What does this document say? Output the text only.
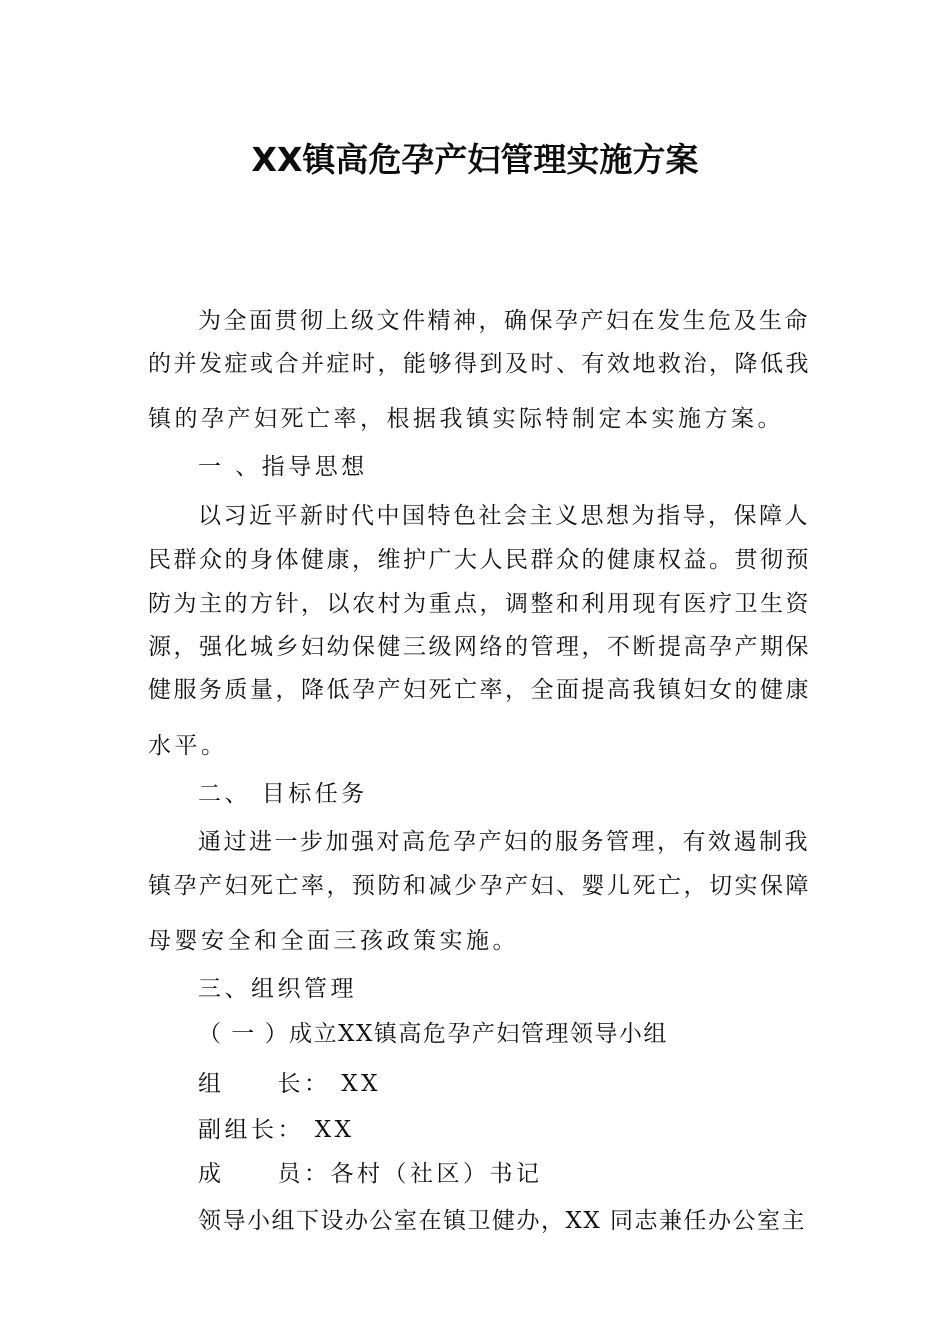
XX镇高危孕产妇管理实施方案
为全面贯彻上级文件精神，确保孕产妇在发生危及生命
的并发症或合并症时，能够得到及时、有效地救治，降低我
镇的孕产妇死亡率，根据我镇实际特制定本实施方案。
一 、指导思想
以习近平新时代中国特色社会主义思想为指导，保障人
民群众的身体健康，维护广大人民群众的健康权益。贯彻预
防为主的方针，以农村为重点，调整和利用现有医疗卫生资
源，强化城乡妇幼保健三级网络的管理，不断提高孕产期保
健服务质量，降低孕产妇死亡率，全面提高我镇妇女的健康
水平。
二、 目标任务
通过进一步加强对高危孕产妇的服务管理，有效遏制我
镇孕产妇死亡率，预防和减少孕产妇、婴儿死亡，切实保障
母婴安全和全面三孩政策实施。
三、组织管理
（ 一 ）成立XX镇高危孕产妇管理领导小组
组　　长： XX
副组长： XX
成　　员：各村（社区）书记
领导小组下设办公室在镇卫健办，XX 同志兼任办公室主
